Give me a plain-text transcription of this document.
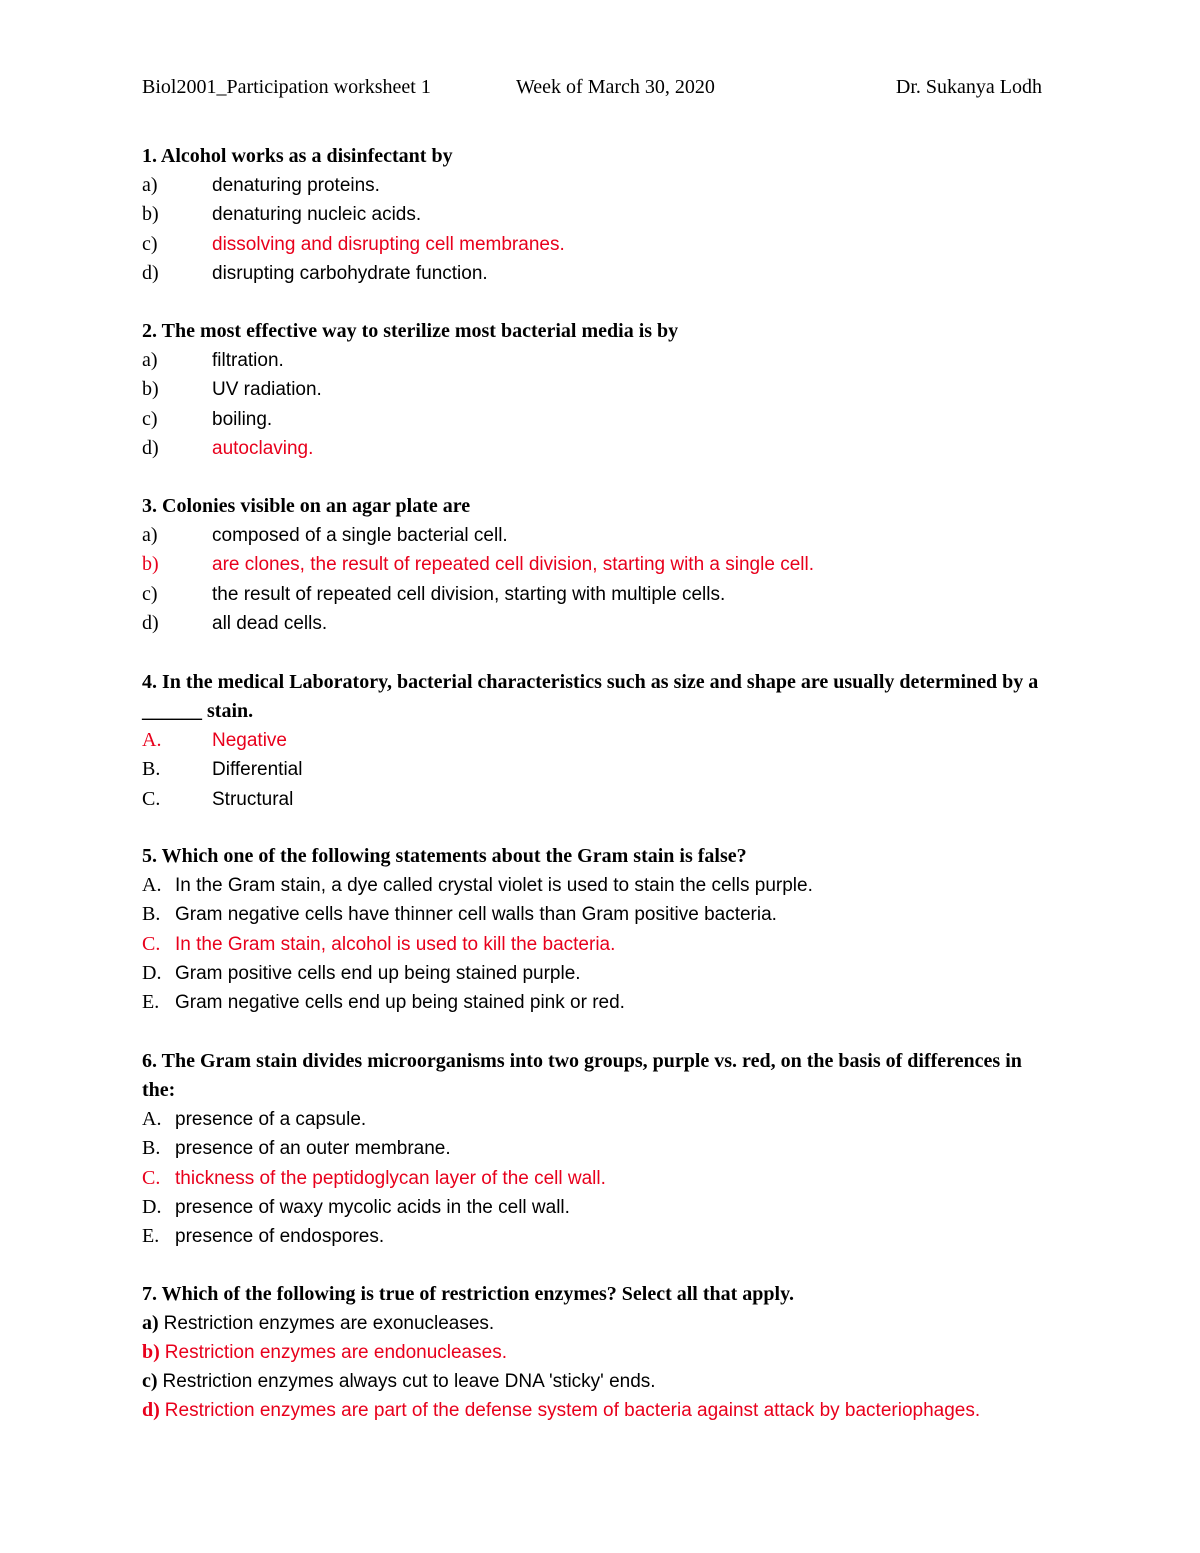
Biol2001_Participation worksheet 1	Week of March 30, 2020	Dr. Sukanya Lodh

1. Alcohol works as a disinfectant by

a)	denaturing proteins.
b)	denaturing nucleic acids.
c)	dissolving and disrupting cell membranes.
d)	disrupting carbohydrate function.

2. The most effective way to sterilize most bacterial media is by

a)	filtration.
b)	UV radiation.
c)	boiling.
d)	autoclaving.

3. Colonies visible on an agar plate are

a)	composed of a single bacterial cell.
b)	are clones, the result of repeated cell division, starting with a single cell.
c)	the result of repeated cell division, starting with multiple cells.
d)	all dead cells.

4. In the medical Laboratory, bacterial characteristics such as size and shape are usually determined by a ______ stain.

A.	Negative
B.	Differential
C.	Structural

5. Which one of the following statements about the Gram stain is false?

A. In the Gram stain, a dye called crystal violet is used to stain the cells purple.
B. Gram negative cells have thinner cell walls than Gram positive bacteria.
C. In the Gram stain, alcohol is used to kill the bacteria.
D. Gram positive cells end up being stained purple.
E. Gram negative cells end up being stained pink or red.

6. The Gram stain divides microorganisms into two groups, purple vs. red, on the basis of differences in the:

A. presence of a capsule.
B. presence of an outer membrane.
C. thickness of the peptidoglycan layer of the cell wall.
D. presence of waxy mycolic acids in the cell wall.
E. presence of endospores.

7. Which of the following is true of restriction enzymes? Select all that apply.

a) Restriction enzymes are exonucleases.

b) Restriction enzymes are endonucleases.

c) Restriction enzymes always cut to leave DNA 'sticky' ends.

d) Restriction enzymes are part of the defense system of bacteria against attack by bacteriophages.
